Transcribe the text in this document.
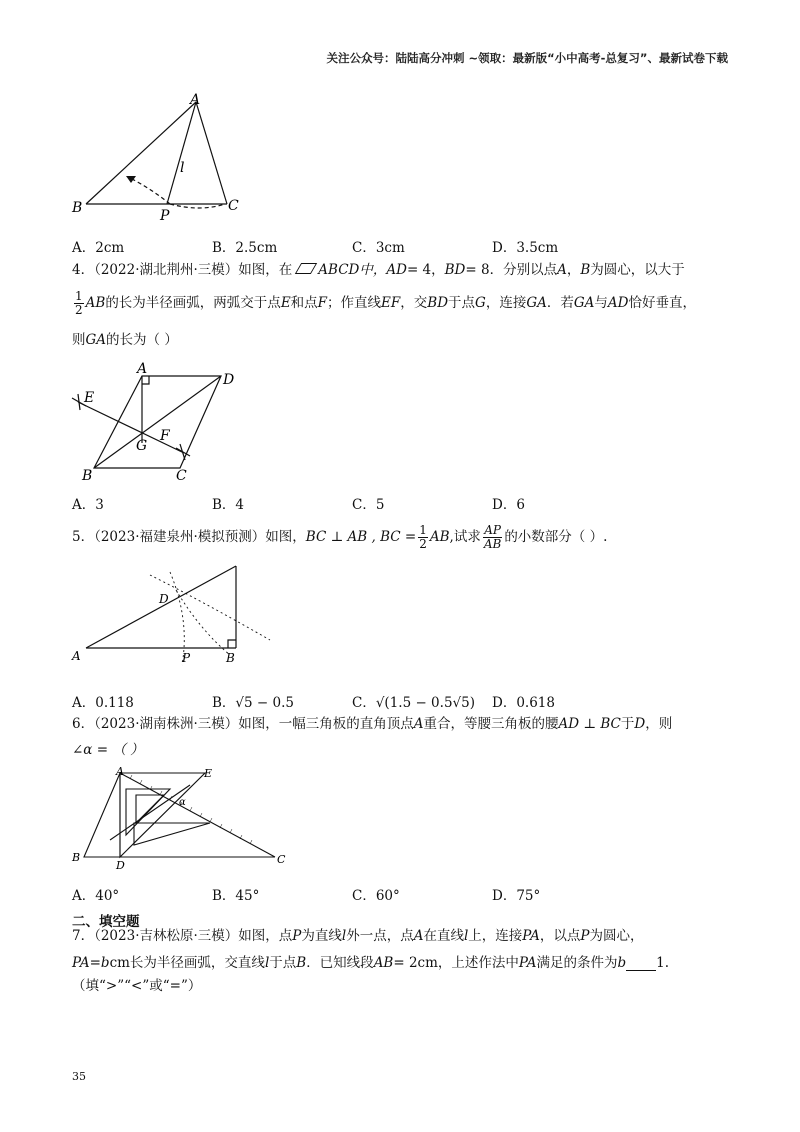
关注公众号：陆陆高分冲刺 ~领取：最新版“小中高考-总复习”、最新试卷下载
A
B	C
P
l
A．2cm	B．2.5cm	C．3cm	D．3.5cm
4．（2022·湖北荆州·三模）如图，在 ABCD中，AD= 4，BD= 8．分别以点A，B为圆心，以大于
$\frac{1}{2}$ AB的长为半径画弧，两弧交于点E和点F；作直线EF，交BD于点G，连接GA．若GA与AD恰好垂直，
则GA的长为（ ）
A
D
E
F
G
B	C
A．3	B．4	C．5	D．6
5．（2023·福建泉州·模拟预测）如图，BC ⊥ AB , BC = $\frac{1}{2}$ AB,试求 $\frac{AP}{AB}$ 的小数部分（ ）.
D
A	P	B
A．0.118	B．√5 − 0.5	C．√(1.5 − 0.5√5) D．0.618
6．（2023·湖南株洲·三模）如图，一幅三角板的直角顶点A重合，等腰三角板的腰AD ⊥ BC于D，则
∠α = （ ）
A	E
α
B
D	C
A．40°	B．45°	C．60°	D．75°
二、填空题
7．（2023·吉林松原·三模）如图，点P为直线l外一点，点A在直线l上，连接PA，以点P为圆心，
PA=bcm长为半径画弧，交直线l于点B．已知线段AB= 2cm，上述作法中PA满足的条件为b 1.
（填“>”“<”或“=”）
35
